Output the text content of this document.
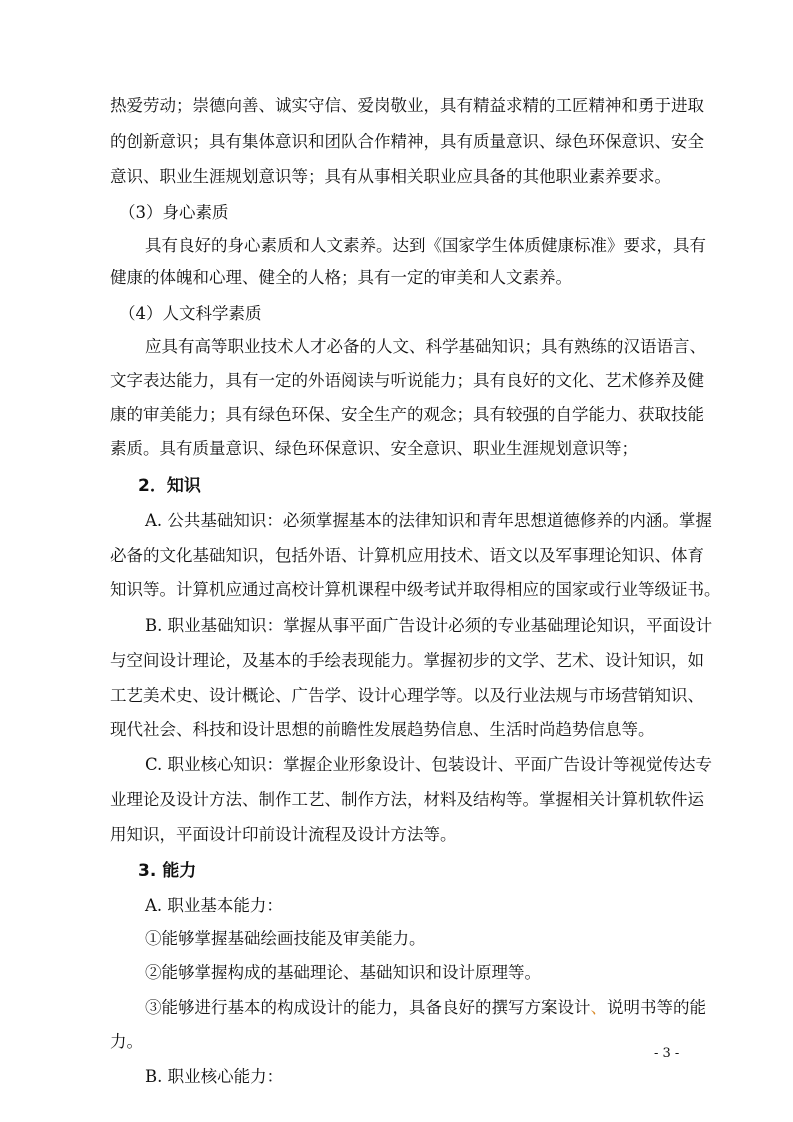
热爱劳动；崇德向善、诚实守信、爱岗敬业，具有精益求精的工匠精神和勇于进取
的创新意识；具有集体意识和团队合作精神，具有质量意识、绿色环保意识、安全
意识、职业生涯规划意识等；具有从事相关职业应具备的其他职业素养要求。
（3）身心素质
具有良好的身心素质和人文素养。达到《国家学生体质健康标准》要求，具有
健康的体魄和心理、健全的人格；具有一定的审美和人文素养。
（4）人文科学素质
应具有高等职业技术人才必备的人文、科学基础知识；具有熟练的汉语语言、
文字表达能力，具有一定的外语阅读与听说能力；具有良好的文化、艺术修养及健
康的审美能力；具有绿色环保、安全生产的观念；具有较强的自学能力、获取技能
素质。具有质量意识、绿色环保意识、安全意识、职业生涯规划意识等；
2．知识
A. 公共基础知识：必须掌握基本的法律知识和青年思想道德修养的内涵。掌握
必备的文化基础知识，包括外语、计算机应用技术、语文以及军事理论知识、体育
知识等。计算机应通过高校计算机课程中级考试并取得相应的国家或行业等级证书。
B. 职业基础知识：掌握从事平面广告设计必须的专业基础理论知识，平面设计
与空间设计理论，及基本的手绘表现能力。掌握初步的文学、艺术、设计知识，如
工艺美术史、设计概论、广告学、设计心理学等。以及行业法规与市场营销知识、
现代社会、科技和设计思想的前瞻性发展趋势信息、生活时尚趋势信息等。
C. 职业核心知识：掌握企业形象设计、包装设计、平面广告设计等视觉传达专
业理论及设计方法、制作工艺、制作方法，材料及结构等。掌握相关计算机软件运
用知识，平面设计印前设计流程及设计方法等。
3. 能力
A. 职业基本能力：
①能够掌握基础绘画技能及审美能力。
②能够掌握构成的基础理论、基础知识和设计原理等。
③能够进行基本的构成设计的能力，具备良好的撰写方案设计、说明书等的能
力。
B. 职业核心能力：
- 3 -
